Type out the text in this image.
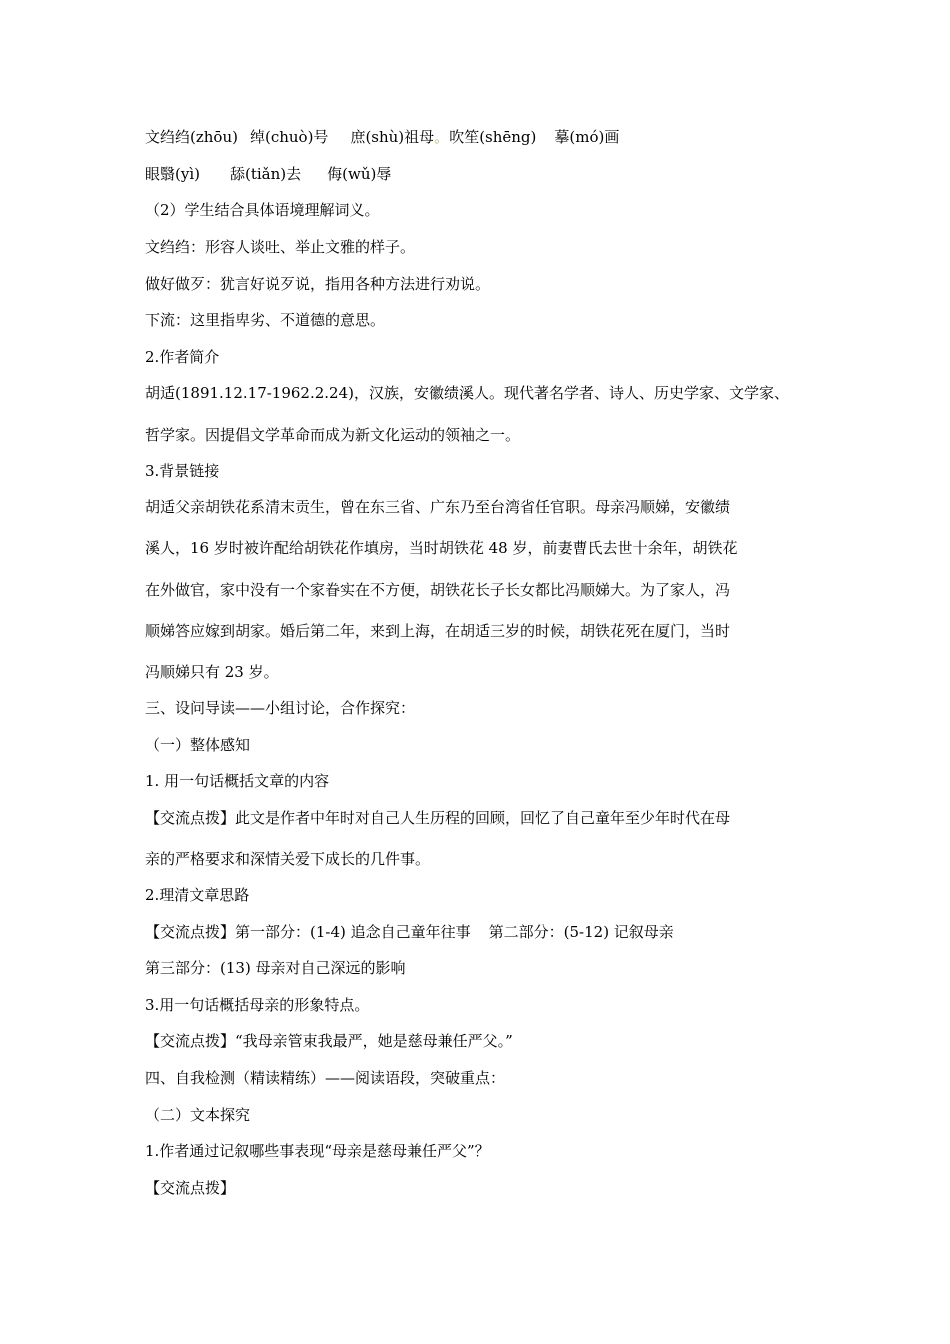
文绉绉(zhōu) 绰(chuò)号 庶(shù)祖母。吹笙(shēng) 摹(mó)画
眼翳(yì) 舔(tiǎn)去 侮(wǔ)辱
（2）学生结合具体语境理解词义。
文绉绉：形容人谈吐、举止文雅的样子。
做好做歹：犹言好说歹说，指用各种方法进行劝说。
下流：这里指卑劣、不道德的意思。
2.作者简介
胡适(1891.12.17-1962.2.24)，汉族，安徽绩溪人。现代著名学者、诗人、历史学家、文学家、
哲学家。因提倡文学革命而成为新文化运动的领袖之一。
3.背景链接
胡适父亲胡铁花系清末贡生，曾在东三省、广东乃至台湾省任官职。母亲冯顺娣，安徽绩
溪人，16 岁时被许配给胡铁花作填房，当时胡铁花 48 岁，前妻曹氏去世十余年，胡铁花
在外做官，家中没有一个家眷实在不方便，胡铁花长子长女都比冯顺娣大。为了家人，冯
顺娣答应嫁到胡家。婚后第二年，来到上海，在胡适三岁的时候，胡铁花死在厦门，当时
冯顺娣只有 23 岁。
三、设问导读——小组讨论，合作探究：
（一）整体感知
1. 用一句话概括文章的内容
【交流点拨】此文是作者中年时对自己人生历程的回顾，回忆了自己童年至少年时代在母
亲的严格要求和深情关爱下成长的几件事。
2.理清文章思路
【交流点拨】第一部分：(1-4) 追念自己童年往事 第二部分：(5-12) 记叙母亲
第三部分：(13) 母亲对自己深远的影响
3.用一句话概括母亲的形象特点。
【交流点拨】“我母亲管束我最严，她是慈母兼任严父。”
四、自我检测（精读精练）——阅读语段，突破重点：
（二）文本探究
1.作者通过记叙哪些事表现“母亲是慈母兼任严父”？
【交流点拨】
